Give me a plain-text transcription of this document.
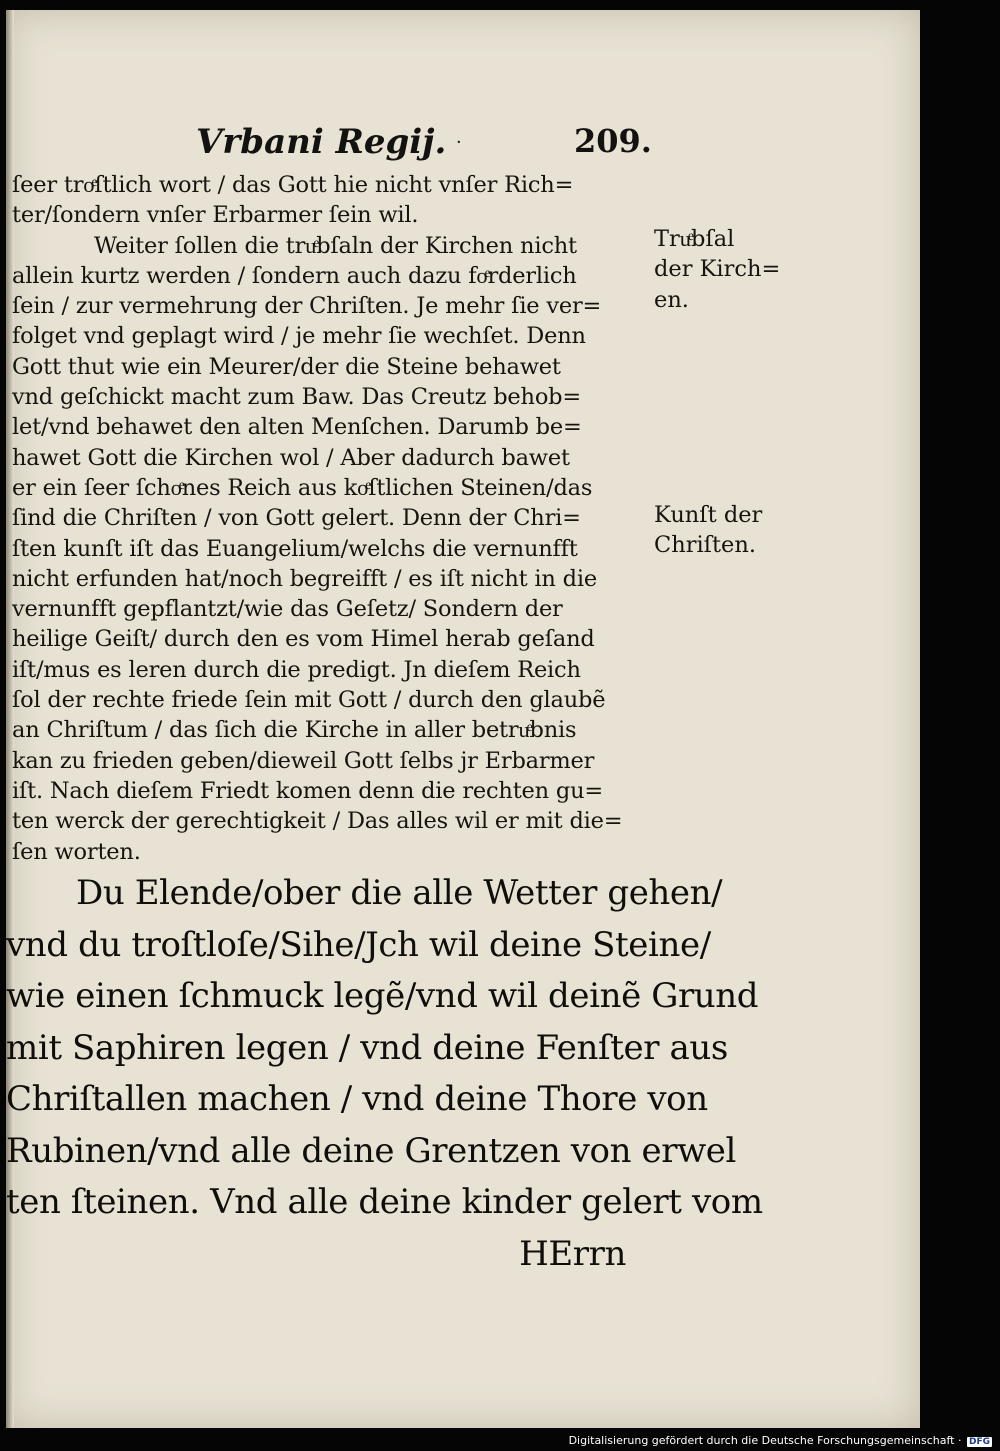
Vrbani Regij. ·	209.
ſeer troͤſtlich wort / das Gott hie nicht vnſer Rich=
ter/ſondern vnſer Erbarmer ſein wil.
Weiter ſollen die truͤbſaln der Kirchen nicht
allein kurtz werden / ſondern auch dazu foͤrderlich
ſein / zur vermehrung der Chriſten. Je mehr ſie ver=
folget vnd geplagt wird / je mehr ſie wechſet. Denn
Gott thut wie ein Meurer/der die Steine behawet
vnd geſchickt macht zum Baw. Das Creutz behob=
let/vnd behawet den alten Menſchen. Darumb be=
hawet Gott die Kirchen wol / Aber dadurch bawet
er ein ſeer ſchoͤnes Reich aus koͤſtlichen Steinen/das
ſind die Chriſten / von Gott gelert. Denn der Chri=
ſten kunſt iſt das Euangelium/welchs die vernunfft
nicht erfunden hat/noch begreifft / es iſt nicht in die
vernunfft gepflantzt/wie das Geſetz/ Sondern der
heilige Geiſt/ durch den es vom Himel herab geſand
iſt/mus es leren durch die predigt. Jn dieſem Reich
ſol der rechte friede ſein mit Gott / durch den glaubẽ
an Chriſtum / das ſich die Kirche in aller betruͤbnis
kan zu frieden geben/dieweil Gott ſelbs jr Erbarmer
iſt. Nach dieſem Friedt komen denn die rechten gu=
ten werck der gerechtigkeit / Das alles wil er mit die=
ſen worten.
Truͤbſal
der Kirch=
en.
Kunſt der
Chriſten.
Du Elende/ober die alle Wetter gehen/
vnd du troſtloſe/Sihe/Jch wil deine Steine/
wie einen ſchmuck legẽ/vnd wil deinẽ Grund
mit Saphiren legen / vnd deine Fenſter aus
Chriſtallen machen / vnd deine Thore von
Rubinen/vnd alle deine Grentzen von erwel
ten ſteinen. Vnd alle deine kinder gelert vom
HErrn
Digitalisierung gefördert durch die Deutsche Forschungsgemeinschaft · DFG
